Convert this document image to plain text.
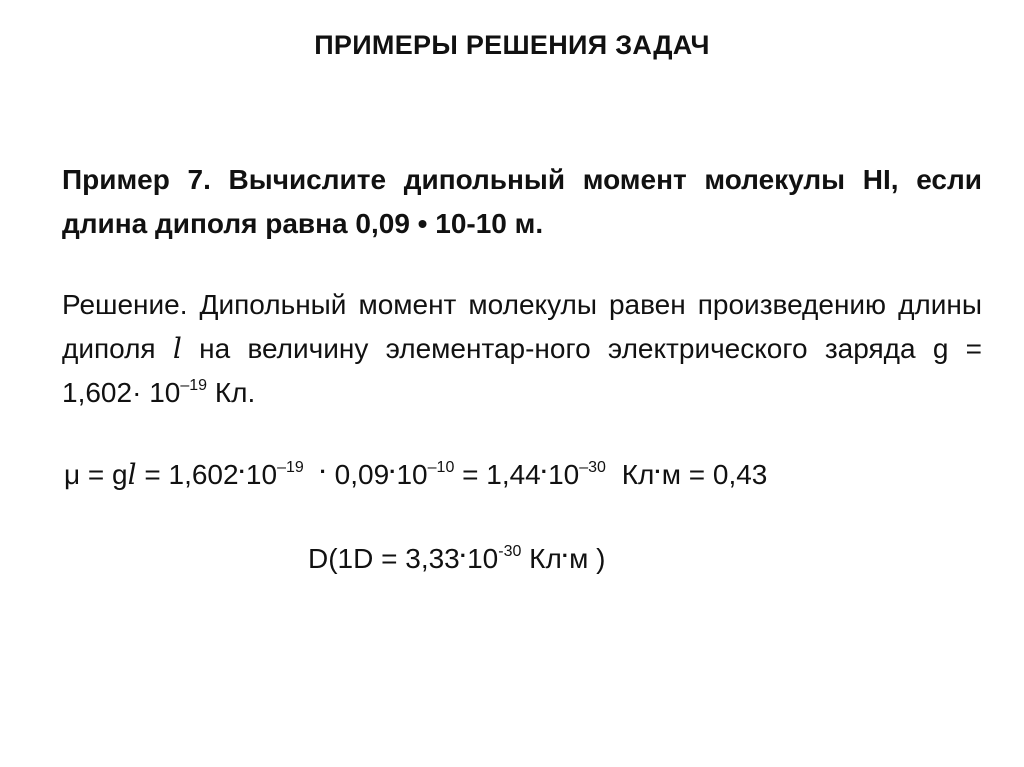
ПРИМЕРЫ РЕШЕНИЯ ЗАДАЧ
Пример 7. Вычислите дипольный момент молекулы HI, если длина диполя равна 0,09 • 10-10 м.
Решение. Дипольный момент молекулы равен произведению длины диполя l на величину элементар-ного электрического заряда $g = 1,602\cdot 10^{-19}$ Кл.
μ = gl = $1,602\cdot 10^{-19} \cdot 0,09\cdot 10^{-10} = 1,44\cdot 10^{-30}$ Кл·м = 0,43
$D(1D = 3,33\cdot 10^{-30}$ Кл·м )
